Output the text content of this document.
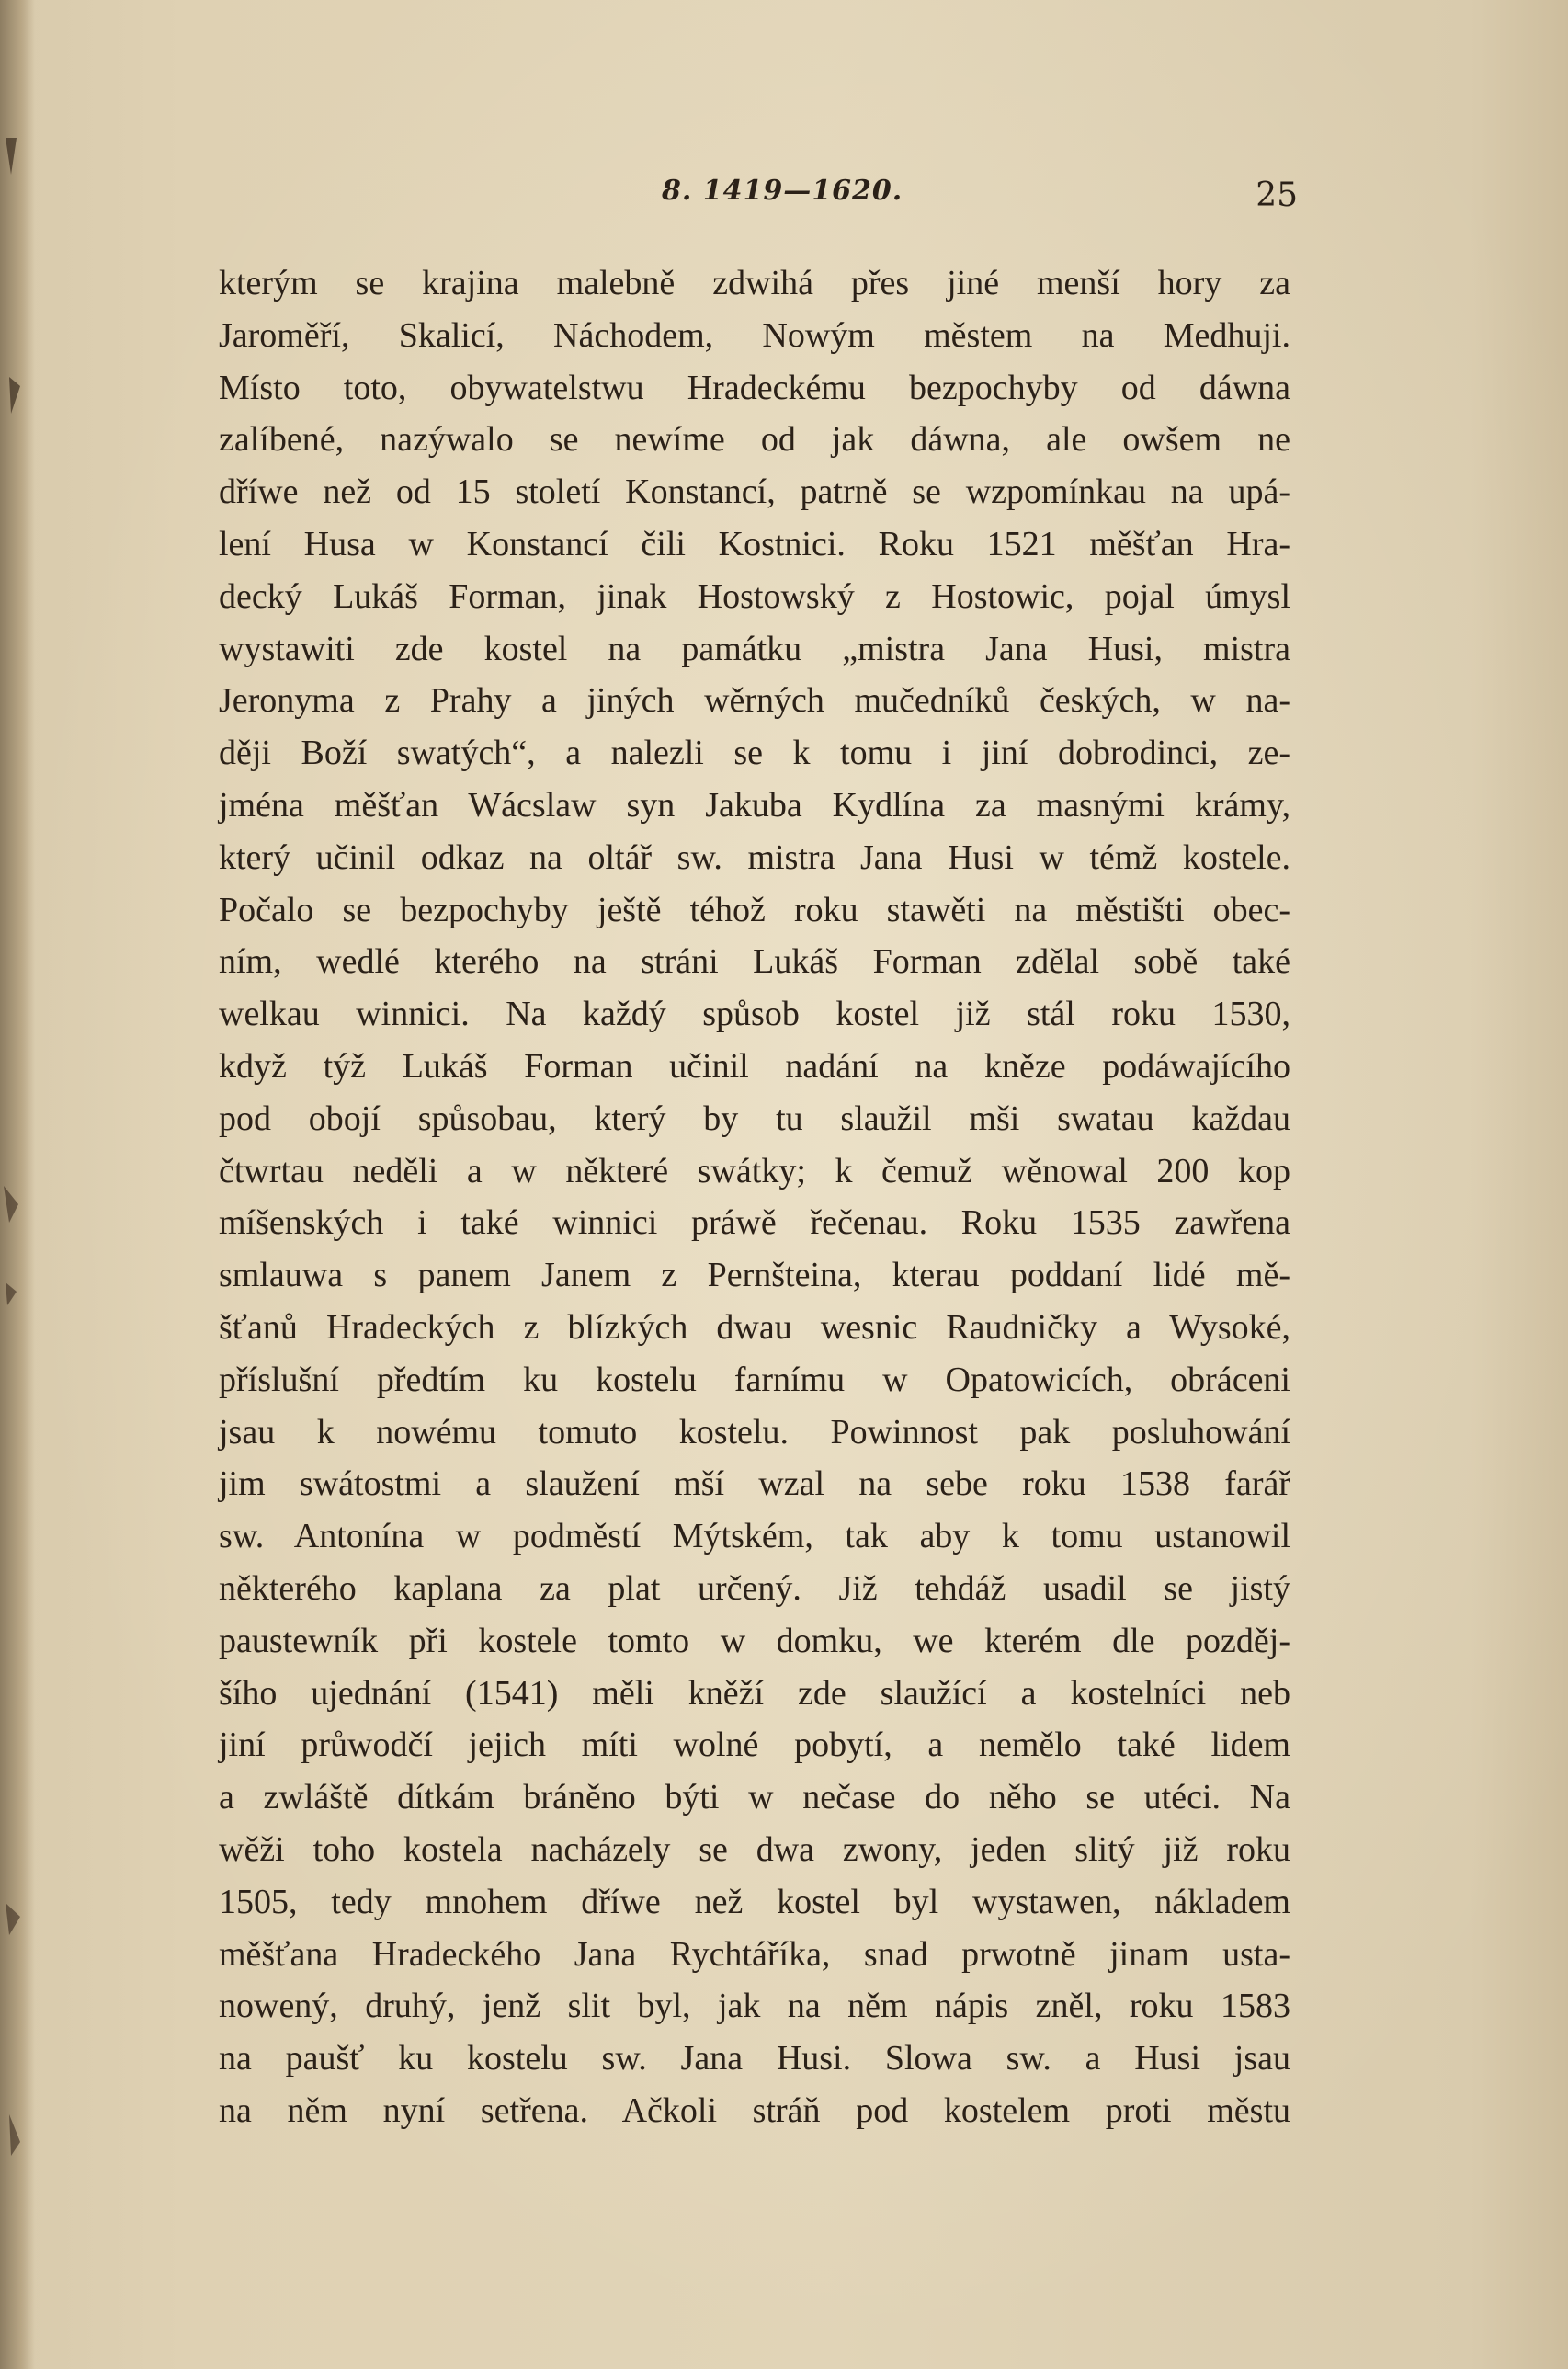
8. 1419—1620.	25
kterým se krajina malebně zdwihá přes jiné menší hory za
Jaroměří, Skalicí, Náchodem, Nowým městem na Medhuji.
Místo toto, obywatelstwu Hradeckému bezpochyby od dáwna
zalíbené, nazýwalo se newíme od jak dáwna, ale owšem ne
dříwe než od 15 století Konstancí, patrně se wzpomínkau na upá-
lení Husa w Konstancí čili Kostnici. Roku 1521 měšťan Hra-
decký Lukáš Forman, jinak Hostowský z Hostowic, pojal úmysl
wystawiti zde kostel na památku „mistra Jana Husi, mistra
Jeronyma z Prahy a jiných wěrných mučedníků českých, w na-
ději Boží swatých“, a nalezli se k tomu i jiní dobrodinci, ze-
jména měšťan Wácslaw syn Jakuba Kydlína za masnými krámy,
který učinil odkaz na oltář sw. mistra Jana Husi w témž kostele.
Počalo se bezpochyby ještě téhož roku stawěti na městišti obec-
ním, wedlé kterého na stráni Lukáš Forman zdělal sobě také
welkau winnici. Na každý spůsob kostel již stál roku 1530,
když týž Lukáš Forman učinil nadání na kněze podáwajícího
pod obojí spůsobau, který by tu slaužil mši swatau každau
čtwrtau neděli a w některé swátky; k čemuž wěnowal 200 kop
míšenských i také winnici práwě řečenau. Roku 1535 zawřena
smlauwa s panem Janem z Pernšteina, kterau poddaní lidé mě-
šťanů Hradeckých z blízkých dwau wesnic Raudničky a Wysoké,
příslušní předtím ku kostelu farnímu w Opatowicích, obráceni
jsau k nowému tomuto kostelu. Powinnost pak posluhowání
jim swátostmi a slaužení mší wzal na sebe roku 1538 farář
sw. Antonína w podměstí Mýtském, tak aby k tomu ustanowil
některého kaplana za plat určený. Již tehdáž usadil se jistý
paustewník při kostele tomto w domku, we kterém dle pozděj-
šího ujednání (1541) měli kněží zde slaužící a kostelníci neb
jiní průwodčí jejich míti wolné pobytí, a nemělo také lidem
a zwláště dítkám bráněno býti w nečase do něho se utéci. Na
wěži toho kostela nacházely se dwa zwony, jeden slitý již roku
1505, tedy mnohem dříwe než kostel byl wystawen, nákladem
měšťana Hradeckého Jana Rychtáříka, snad prwotně jinam usta-
nowený, druhý, jenž slit byl, jak na něm nápis zněl, roku 1583
na paušť ku kostelu sw. Jana Husi. Slowa sw. a Husi jsau
na něm nyní setřena. Ačkoli stráň pod kostelem proti městu
